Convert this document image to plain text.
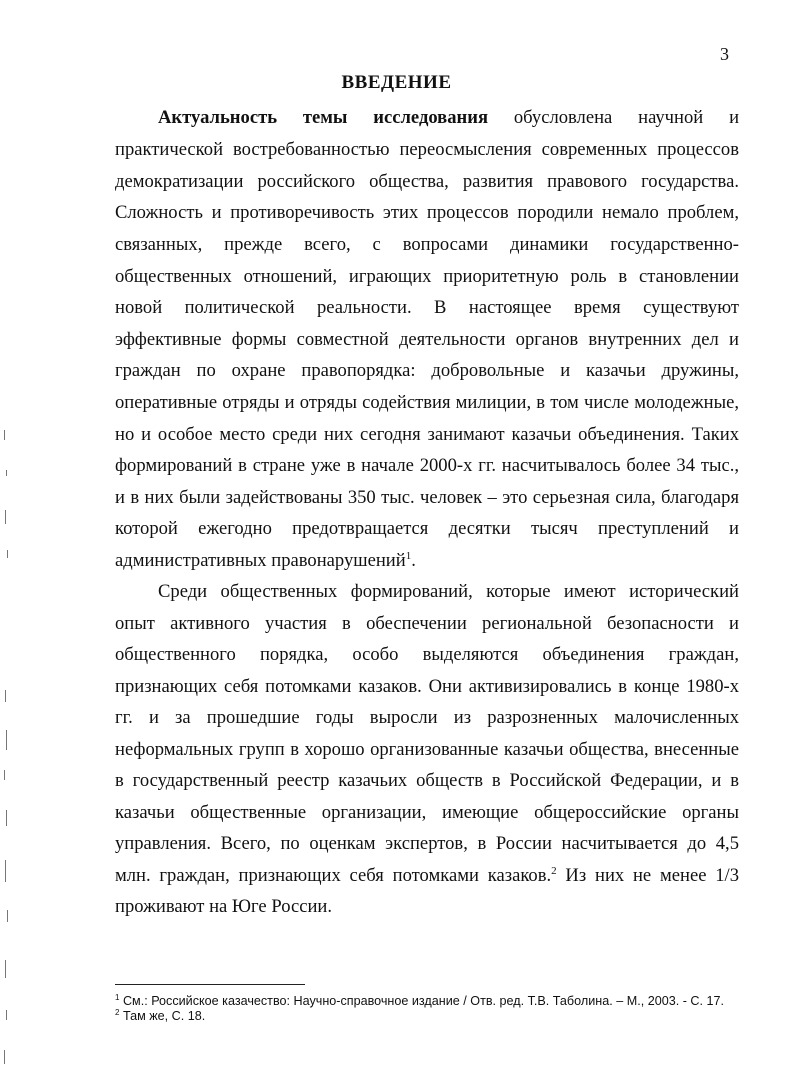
3
ВВЕДЕНИЕ
Актуальность темы исследования обусловлена научной и
практической востребованностью переосмысления современных процессов
демократизации российского общества, развития правового государства.
Сложность и противоречивость этих процессов породили немало проблем,
связанных, прежде всего, с вопросами динамики государственно-
общественных отношений, играющих приоритетную роль в становлении
новой политической реальности. В настоящее время существуют
эффективные формы совместной деятельности органов внутренних дел и
граждан по охране правопорядка: добровольные и казачьи дружины,
оперативные отряды и отряды содействия милиции, в том числе молодежные,
но и особое место среди них сегодня занимают казачьи объединения. Таких
формирований в стране уже в начале 2000-х гг. насчитывалось более 34 тыс.,
и в них были задействованы 350 тыс. человек – это серьезная сила, благодаря
которой ежегодно предотвращается десятки тысяч преступлений и
административных правонарушений$^1$.
Среди общественных формирований, которые имеют исторический
опыт активного участия в обеспечении региональной безопасности и
общественного порядка, особо выделяются объединения граждан,
признающих себя потомками казаков. Они активизировались в конце 1980-х
гг. и за прошедшие годы выросли из разрозненных малочисленных
неформальных групп в хорошо организованные казачьи общества, внесенные
в государственный реестр казачьих обществ в Российской Федерации, и в
казачьи общественные организации, имеющие общероссийские органы
управления. Всего, по оценкам экспертов, в России насчитывается до 4,5
млн. граждан, признающих себя потомками казаков.$^2$ Из них не менее 1/3
проживают на Юге России.
$^1$ См.: Российское казачество: Научно-справочное издание / Отв. ред. Т.В. Таболина. – М., 2003. - С. 17.
$^2$ Там же, С. 18.
